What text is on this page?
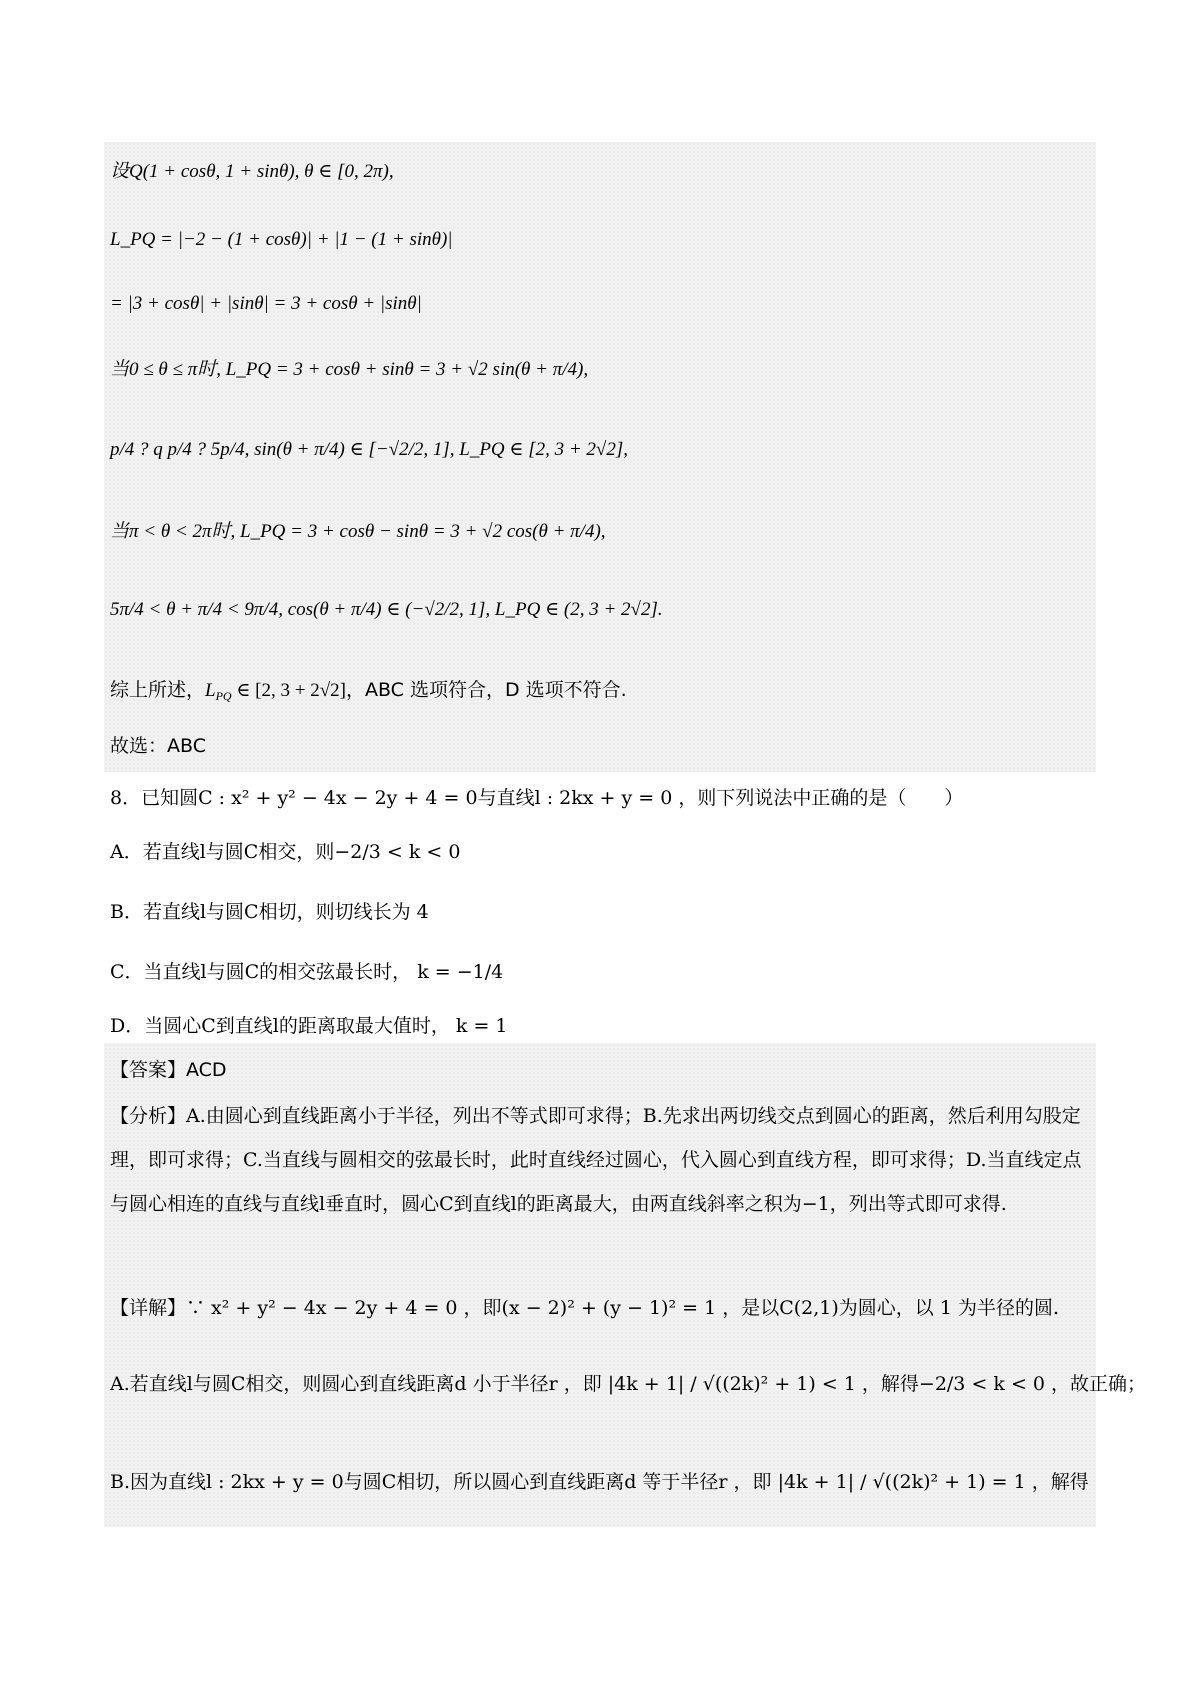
设Q(1 + cosθ, 1 + sinθ), θ ∈ [0, 2π),
L_PQ = |−2 − (1 + cosθ)| + |1 − (1 + sinθ)|
= |3 + cosθ| + |sinθ| = 3 + cosθ + |sinθ|
当0 ≤ θ ≤ π时, L_PQ = 3 + cosθ + sinθ = 3 + √2 sin(θ + π/4),
p/4 ? q p/4 ? 5p/4, sin(θ + π/4) ∈ [−√2/2, 1], L_PQ ∈ [2, 3 + 2√2],
当π < θ < 2π时, L_PQ = 3 + cosθ − sinθ = 3 + √2 cos(θ + π/4),
5π/4 < θ + π/4 < 9π/4, cos(θ + π/4) ∈ (−√2/2, 1], L_PQ ∈ (2, 3 + 2√2].
综上所述，$L_{PQ}$ ∈ [2, 3 + 2√2]，ABC 选项符合，D 选项不符合.
故选：ABC
8．已知圆C : x² + y² − 4x − 2y + 4 = 0与直线l : 2kx + y = 0 ，则下列说法中正确的是（　　）
A．若直线l与圆C相交，则−2/3 < k < 0
B．若直线l与圆C相切，则切线长为 4
C．当直线l与圆C的相交弦最长时， k = −1/4
D．当圆心C到直线l的距离取最大值时， k = 1
【答案】ACD
【分析】A.由圆心到直线距离小于半径，列出不等式即可求得；B.先求出两切线交点到圆心的距离，然后利用勾股定理，即可求得；C.当直线与圆相交的弦最长时，此时直线经过圆心，代入圆心到直线方程，即可求得；D.当直线定点与圆心相连的直线与直线l垂直时，圆心C到直线l的距离最大，由两直线斜率之积为−1，列出等式即可求得.
【详解】∵ x² + y² − 4x − 2y + 4 = 0 ，即(x − 2)² + (y − 1)² = 1 ，是以C(2,1)为圆心，以 1 为半径的圆.
A.若直线l与圆C相交，则圆心到直线距离d 小于半径r ，即 |4k + 1| / √((2k)² + 1) < 1 ，解得−2/3 < k < 0 ，故正确；
B.因为直线l : 2kx + y = 0与圆C相切，所以圆心到直线距离d 等于半径r ，即 |4k + 1| / √((2k)² + 1) = 1 ，解得
